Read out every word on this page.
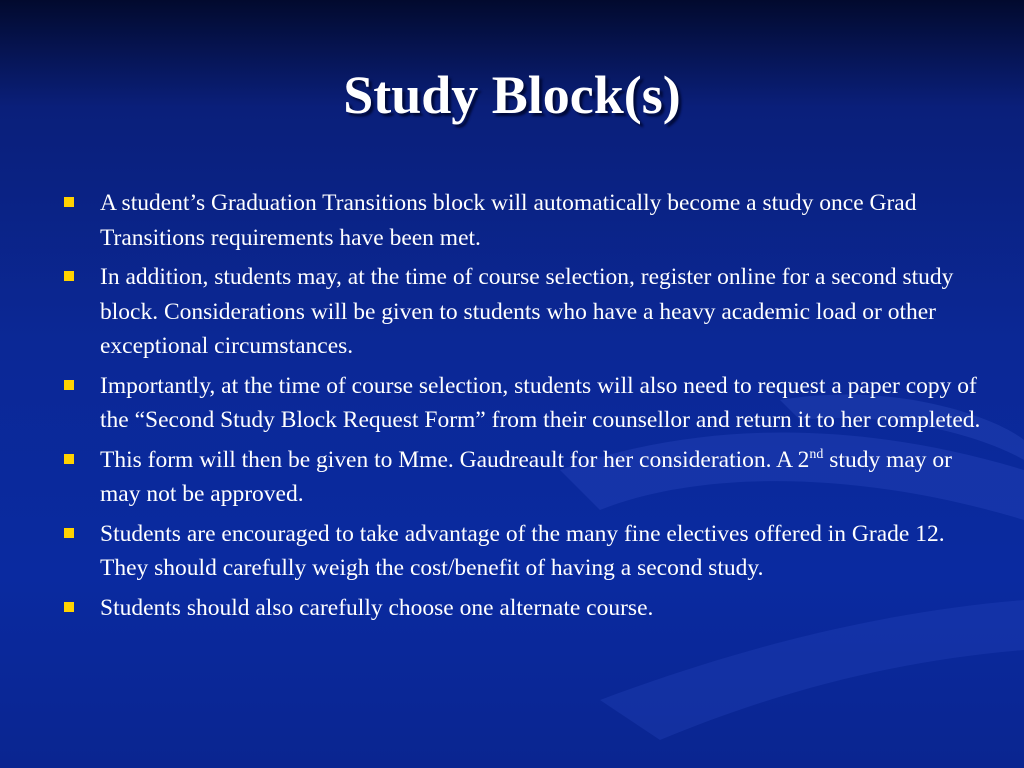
Study Block(s)
A student’s Graduation Transitions block will automatically become a study once Grad Transitions requirements have been met.
In addition, students may, at the time of course selection, register online for a second study block. Considerations will be given to students who have a heavy academic load or other exceptional circumstances.
Importantly, at the time of course selection, students will also need to request a paper copy of the “Second Study Block Request Form” from their counsellor and return it to her completed.
This form will then be given to Mme. Gaudreault for her consideration. A 2nd study may or may not be approved.
Students are encouraged to take advantage of the many fine electives offered in Grade 12. They should carefully weigh the cost/benefit of having a second study.
Students should also carefully choose one alternate course.
